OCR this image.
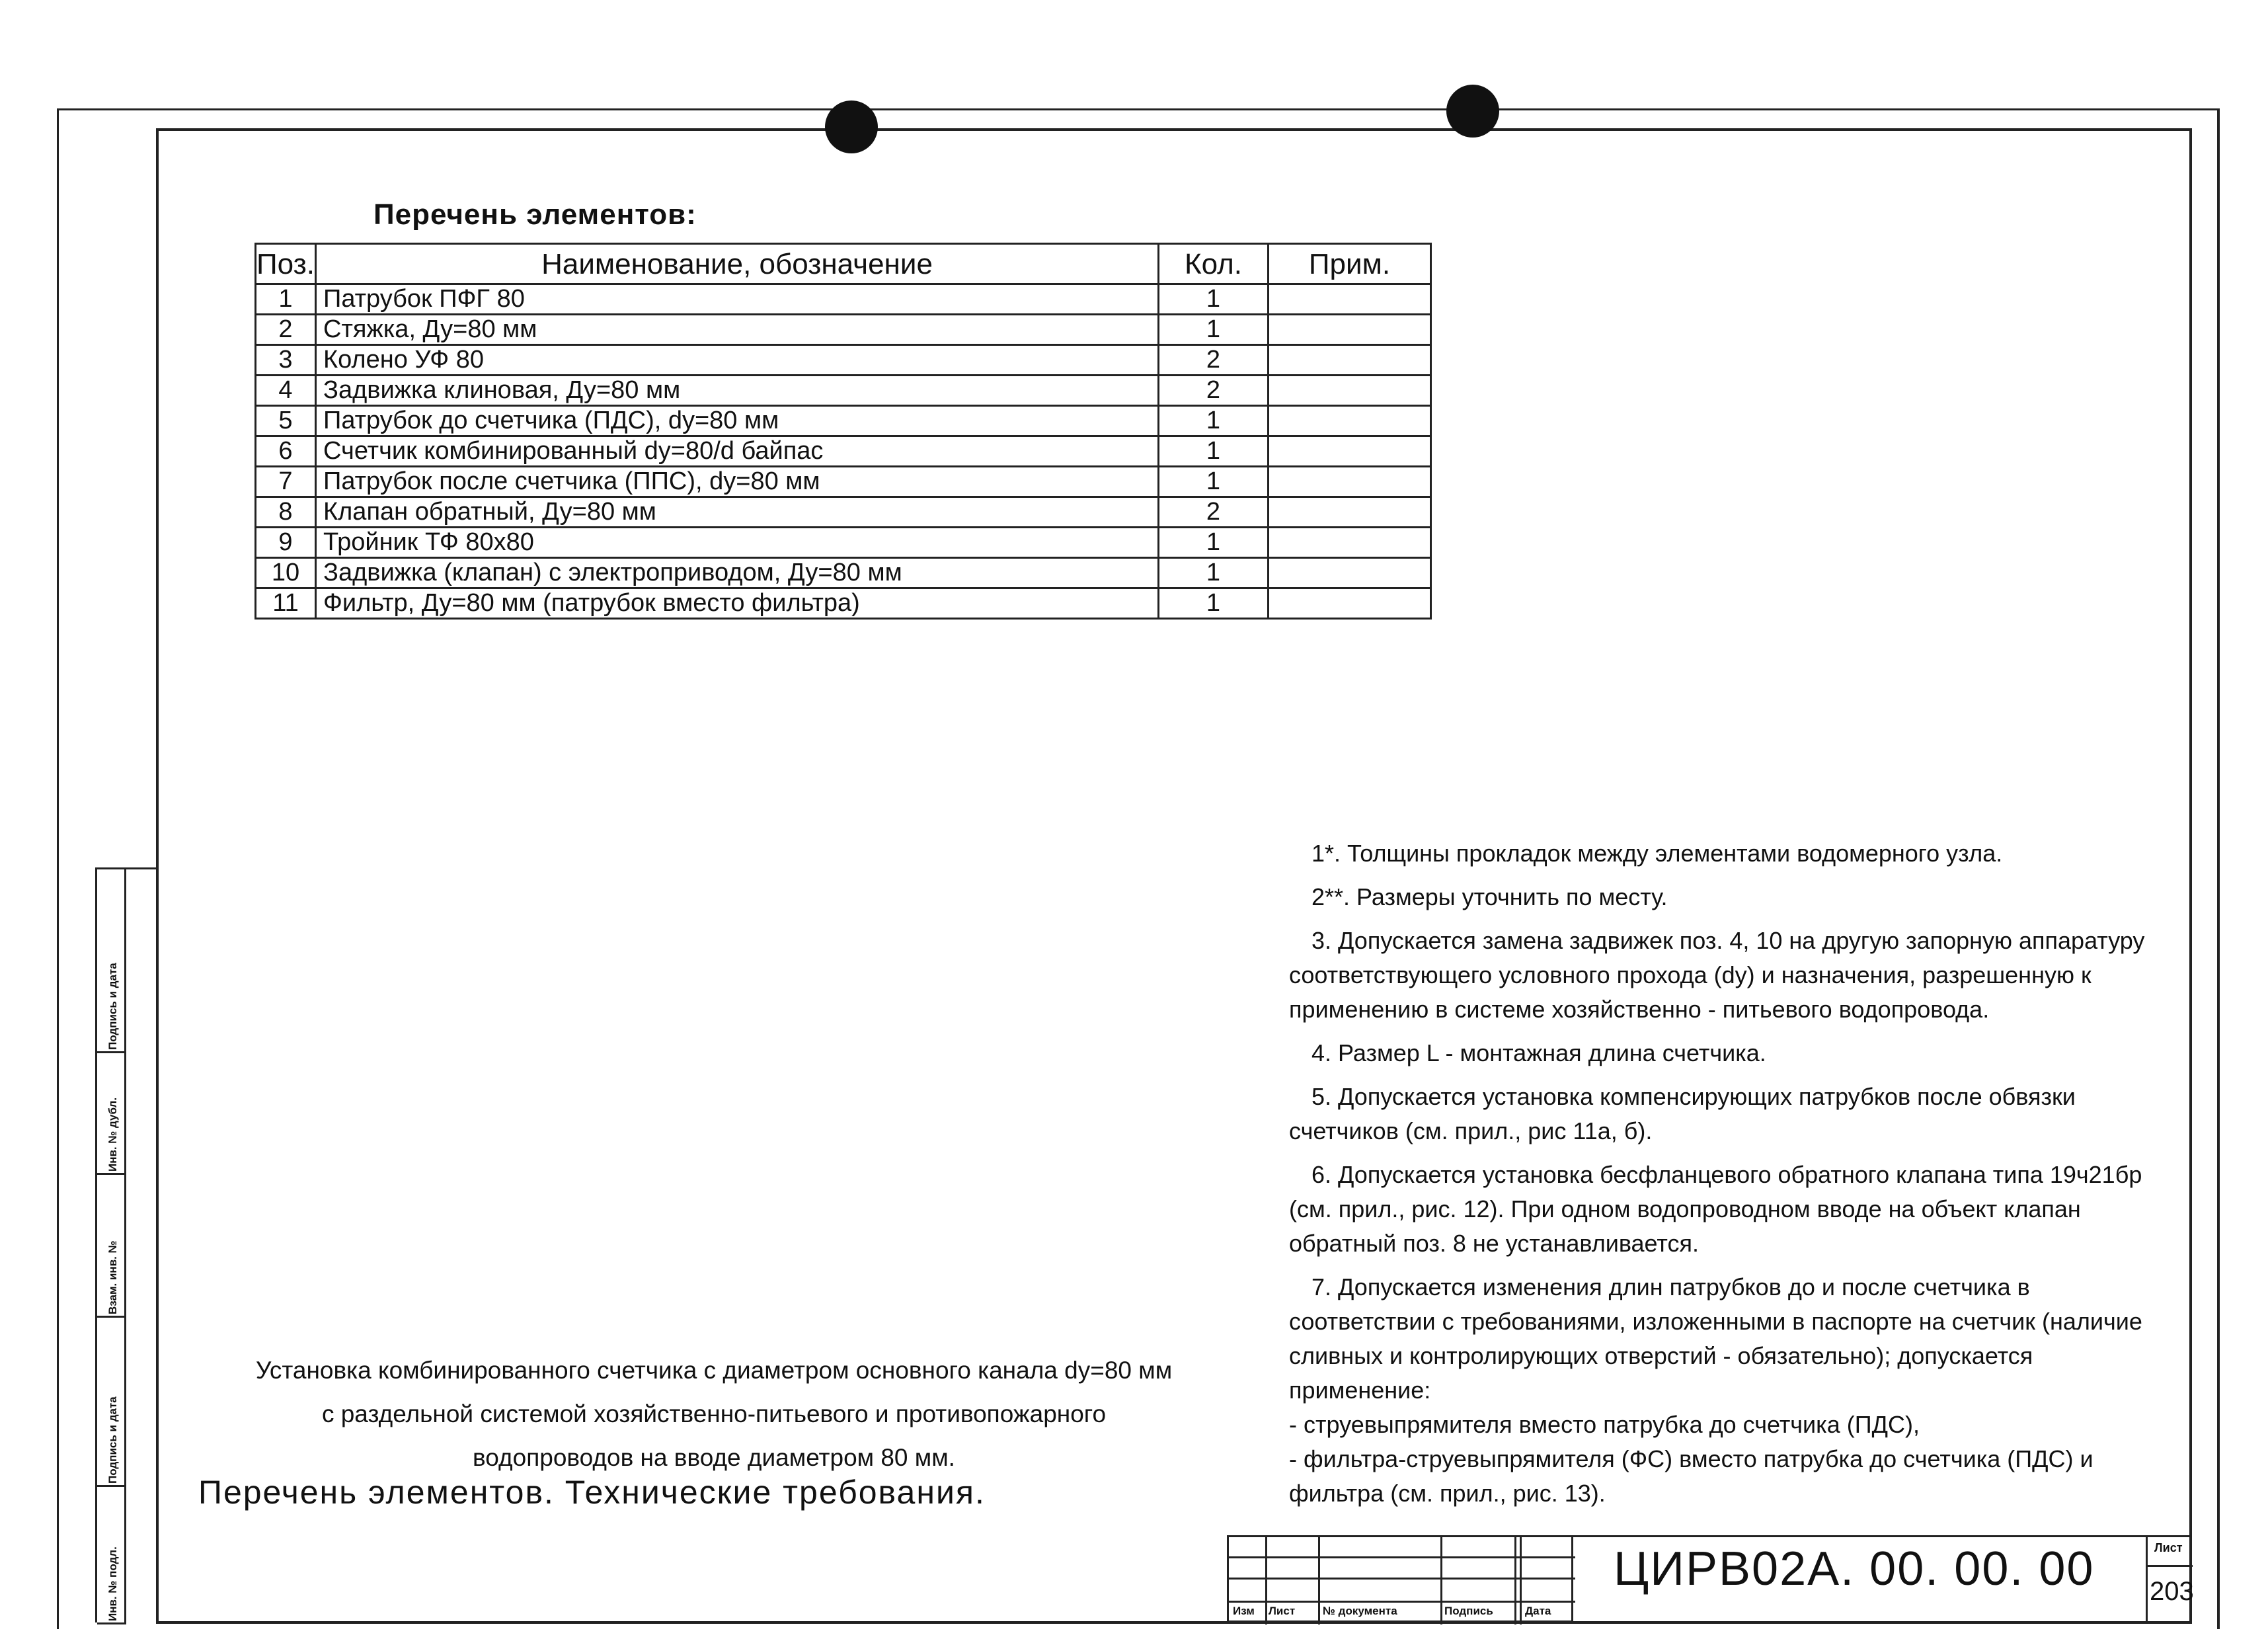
Перечень элементов:
Поз.	Наименование, обозначение	Кол.	Прим.
1	Патрубок ПФГ 80	1	
2	Стяжка, Ду=80 мм	1	
3	Колено УФ 80	2	
4	Задвижка клиновая, Ду=80 мм	2	
5	Патрубок до счетчика (ПДС), dy=80 мм	1	
6	Счетчик комбинированный dy=80/d байпас	1	
7	Патрубок после счетчика (ППС), dy=80 мм	1	
8	Клапан обратный, Ду=80 мм	2	
9	Тройник ТФ 80x80	1	
10	Задвижка (клапан) с электроприводом, Ду=80 мм	1	
11	Фильтр, Ду=80 мм (патрубок вместо фильтра)	1	

1*. Толщины прокладок между элементами водомерного узла.

2**. Размеры уточнить по месту.

3. Допускается замена задвижек поз. 4, 10 на другую запорную аппаратуру соответствующего условного прохода (dy) и назначения, разрешенную к применению в системе хозяйственно - питьевого водопровода.

4. Размер L - монтажная длина счетчика.

5. Допускается установка компенсирующих патрубков после обвязки счетчиков (см. прил., рис 11а, б).

6. Допускается установка бесфланцевого обратного клапана типа 19ч21бр (см. прил., рис. 12). При одном водопроводном вводе на объект клапан обратный поз. 8 не устанавливается.

7. Допускается изменения длин патрубков до и после счетчика в соответствии с требованиями, изложенными в паспорте на счетчик (наличие сливных и контролирующих отверстий - обязательно); допускается применение:

- струевыпрямителя вместо патрубка до счетчика (ПДС),

- фильтра-струевыпрямителя (ФС) вместо патрубка до счетчика (ПДС) и фильтра (см. прил., рис. 13).

Установка комбинированного счетчика с диаметром основного канала dy=80 мм
с раздельной системой хозяйственно-питьевого и противопожарного
водопроводов на вводе диаметром 80 мм.
Перечень элементов. Технические требования.
Подпись и дата
Инв. № дубл.
Взам. инв. №
Подпись и дата
Инв. № подл.	Изм Лист № документа	Подпись	Дата
ЦИРВ02А. 00. 00. 00	Лист
203
